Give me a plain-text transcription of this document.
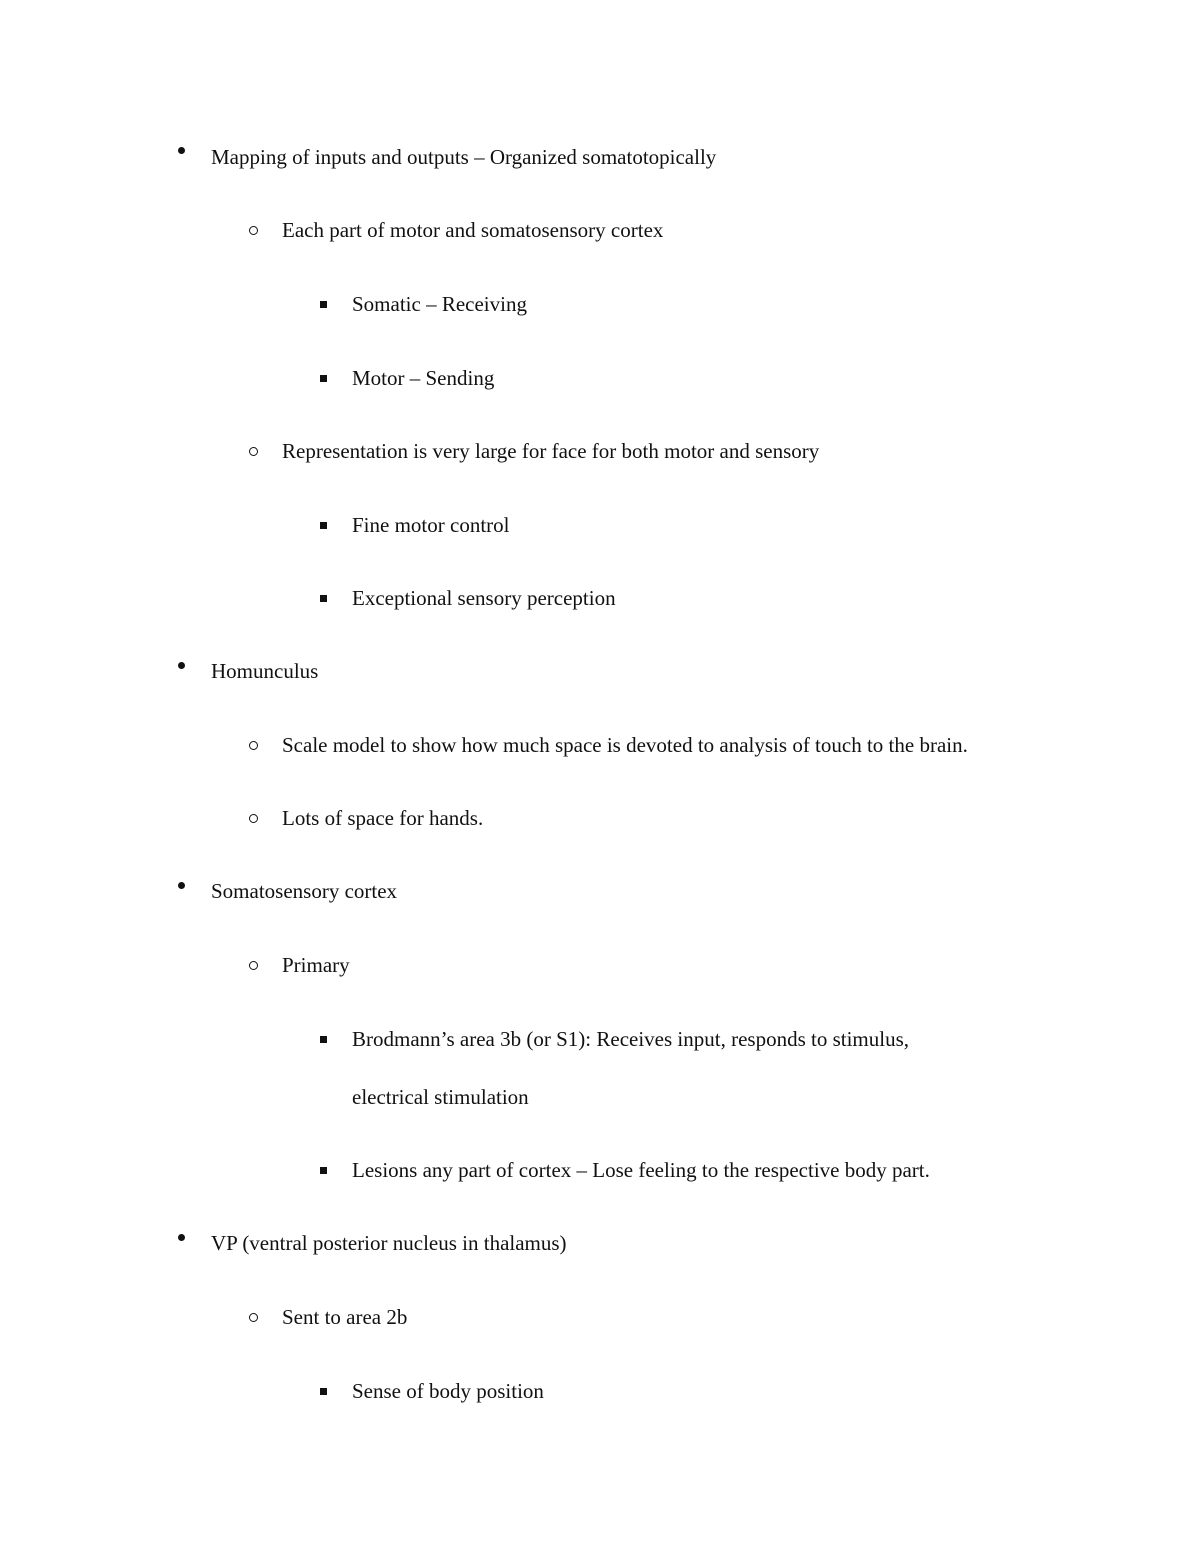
Mapping of inputs and outputs – Organized somatotopically
Each part of motor and somatosensory cortex
Somatic – Receiving
Motor – Sending
Representation is very large for face for both motor and sensory
Fine motor control
Exceptional sensory perception
Homunculus
Scale model to show how much space is devoted to analysis of touch to the brain.
Lots of space for hands.
Somatosensory cortex
Primary
Brodmann’s area 3b (or S1): Receives input, responds to stimulus,
electrical stimulation
Lesions any part of cortex – Lose feeling to the respective body part.
VP (ventral posterior nucleus in thalamus)
Sent to area 2b
Sense of body position
